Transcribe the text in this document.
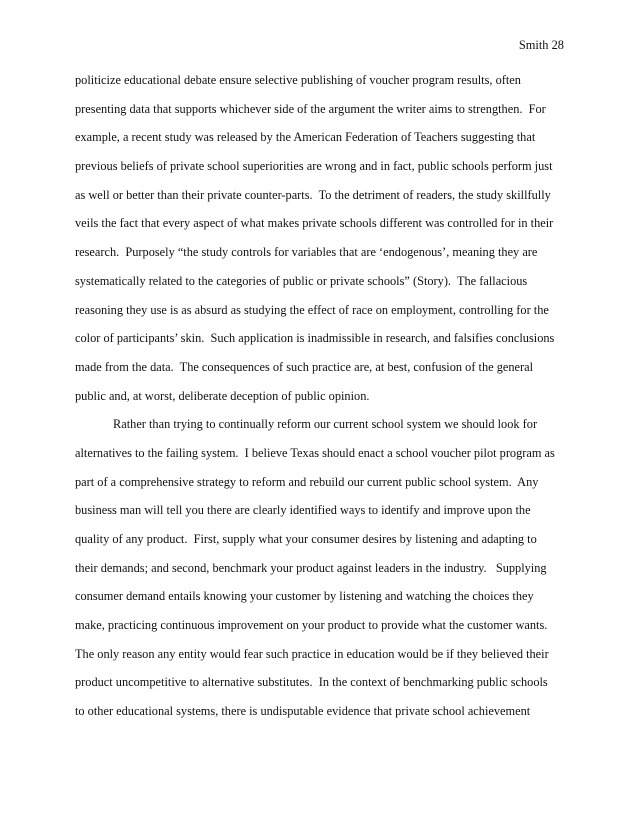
Smith 28
politicize educational debate ensure selective publishing of voucher program results, often
presenting data that supports whichever side of the argument the writer aims to strengthen.  For
example, a recent study was released by the American Federation of Teachers suggesting that
previous beliefs of private school superiorities are wrong and in fact, public schools perform just
as well or better than their private counter-parts.  To the detriment of readers, the study skillfully
veils the fact that every aspect of what makes private schools different was controlled for in their
research.  Purposely “the study controls for variables that are ‘endogenous’, meaning they are
systematically related to the categories of public or private schools” (Story).  The fallacious
reasoning they use is as absurd as studying the effect of race on employment, controlling for the
color of participants’ skin.  Such application is inadmissible in research, and falsifies conclusions
made from the data.  The consequences of such practice are, at best, confusion of the general
public and, at worst, deliberate deception of public opinion.
Rather than trying to continually reform our current school system we should look for
alternatives to the failing system.  I believe Texas should enact a school voucher pilot program as
part of a comprehensive strategy to reform and rebuild our current public school system.  Any
business man will tell you there are clearly identified ways to identify and improve upon the
quality of any product.  First, supply what your consumer desires by listening and adapting to
their demands; and second, benchmark your product against leaders in the industry.   Supplying
consumer demand entails knowing your customer by listening and watching the choices they
make, practicing continuous improvement on your product to provide what the customer wants.
The only reason any entity would fear such practice in education would be if they believed their
product uncompetitive to alternative substitutes.  In the context of benchmarking public schools
to other educational systems, there is undisputable evidence that private school achievement
